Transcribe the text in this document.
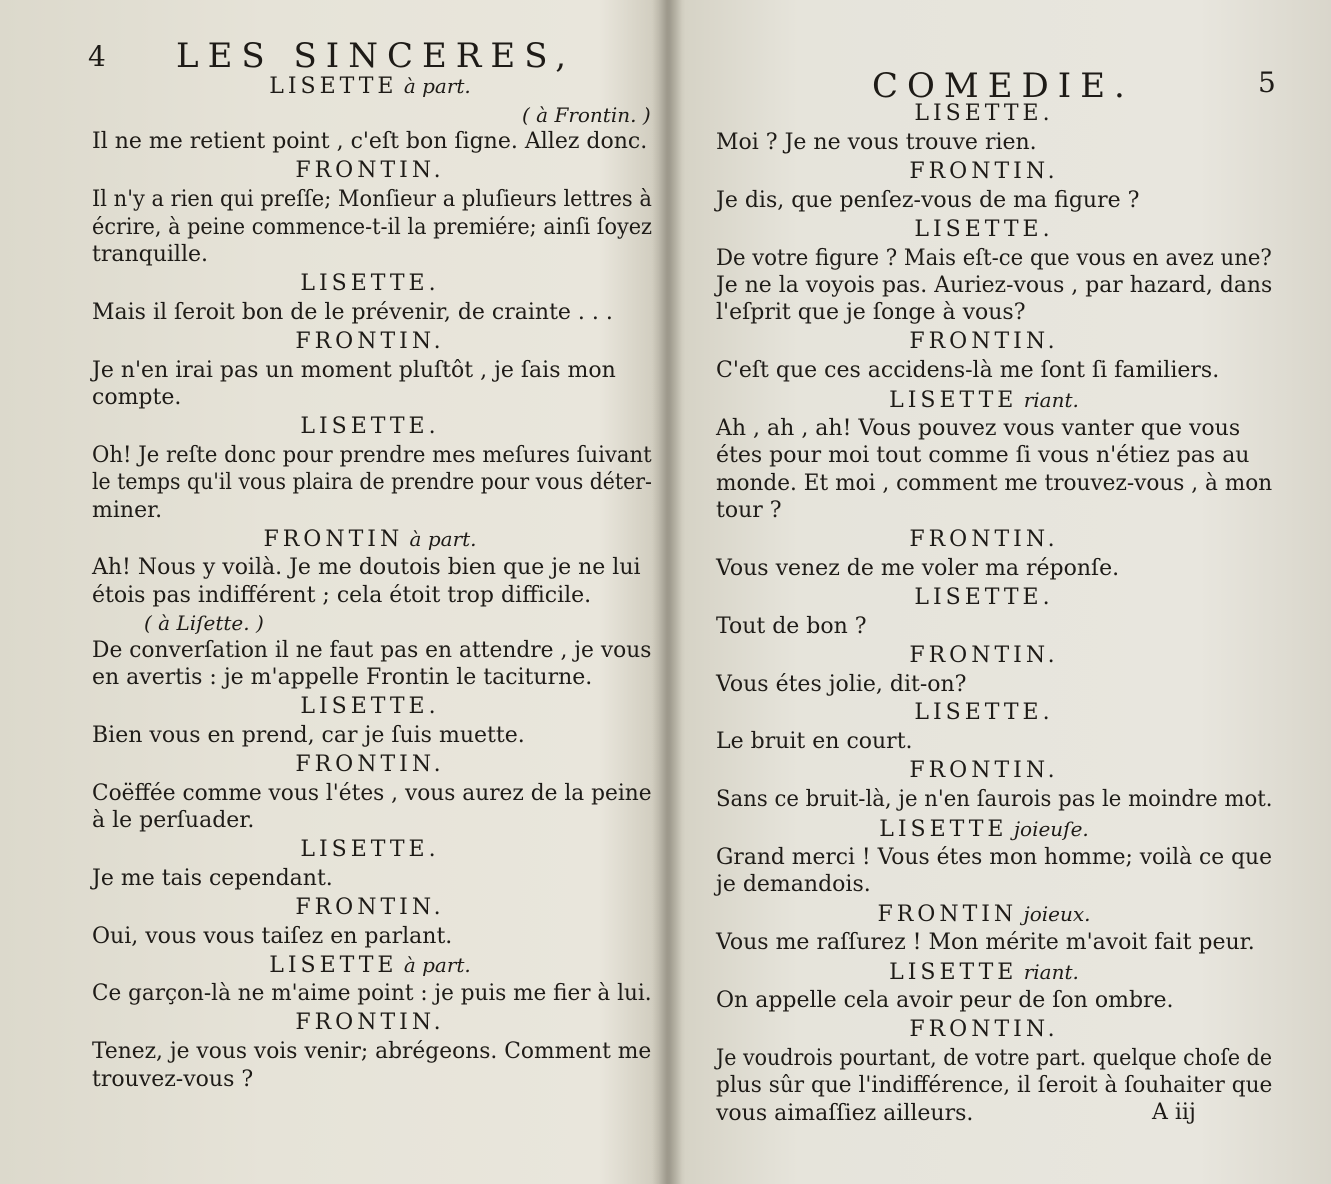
4 LES SINCERES,
LISETTE à part.
( à Frontin. )
Il ne me retient point , c'eſt bon ſigne. Allez donc.
FRONTIN.
Il n'y a rien qui preſſe; Monſieur a pluſieurs lettres à
écrire, à peine commence-t-il la premiére; ainſi ſoyez
tranquille.
LISETTE.
Mais il ſeroit bon de le prévenir, de crainte . . .
FRONTIN.
Je n'en irai pas un moment pluſtôt , je ſais mon
compte.
LISETTE.
Oh! Je reſte donc pour prendre mes meſures ſuivant
le temps qu'il vous plaira de prendre pour vous déter-
miner.
FRONTIN à part.
Ah! Nous y voilà. Je me doutois bien que je ne lui
étois pas indifférent ; cela étoit trop difficile.
( à Liſette. )
De converſation il ne faut pas en attendre , je vous
en avertis : je m'appelle Frontin le taciturne.
LISETTE.
Bien vous en prend, car je ſuis muette.
FRONTIN.
Coëffée comme vous l'étes , vous aurez de la peine
à le perſuader.
LISETTE.
Je me tais cependant.
FRONTIN.
Oui, vous vous taiſez en parlant.
LISETTE à part.
Ce garçon-là ne m'aime point : je puis me fier à lui.
FRONTIN.
Tenez, je vous vois venir; abrégeons. Comment me
trouvez-vous ?
COMEDIE.	5
LISETTE.
Moi ? Je ne vous trouve rien.
FRONTIN.
Je dis, que penſez-vous de ma figure ?
LISETTE.
De votre figure ? Mais eſt-ce que vous en avez une?
Je ne la voyois pas. Auriez-vous , par hazard, dans
l'eſprit que je ſonge à vous?
FRONTIN.
C'eſt que ces accidens-là me ſont ſi familiers.
LISETTE riant.
Ah , ah , ah! Vous pouvez vous vanter que vous
étes pour moi tout comme ſi vous n'étiez pas au
monde. Et moi , comment me trouvez-vous , à mon
tour ?
FRONTIN.
Vous venez de me voler ma réponſe.
LISETTE.
Tout de bon ?
FRONTIN.
Vous étes jolie, dit-on?
LISETTE.
Le bruit en court.
FRONTIN.
Sans ce bruit-là, je n'en ſaurois pas le moindre mot.
LISETTE joieuſe.
Grand merci ! Vous étes mon homme; voilà ce que
je demandois.
FRONTIN joieux.
Vous me raſſurez ! Mon mérite m'avoit fait peur.
LISETTE riant.
On appelle cela avoir peur de ſon ombre.
FRONTIN.
Je voudrois pourtant, de votre part. quelque choſe de
plus sûr que l'indifférence, il ſeroit à ſouhaiter que
vous aimaſſiez ailleurs.	A iij
